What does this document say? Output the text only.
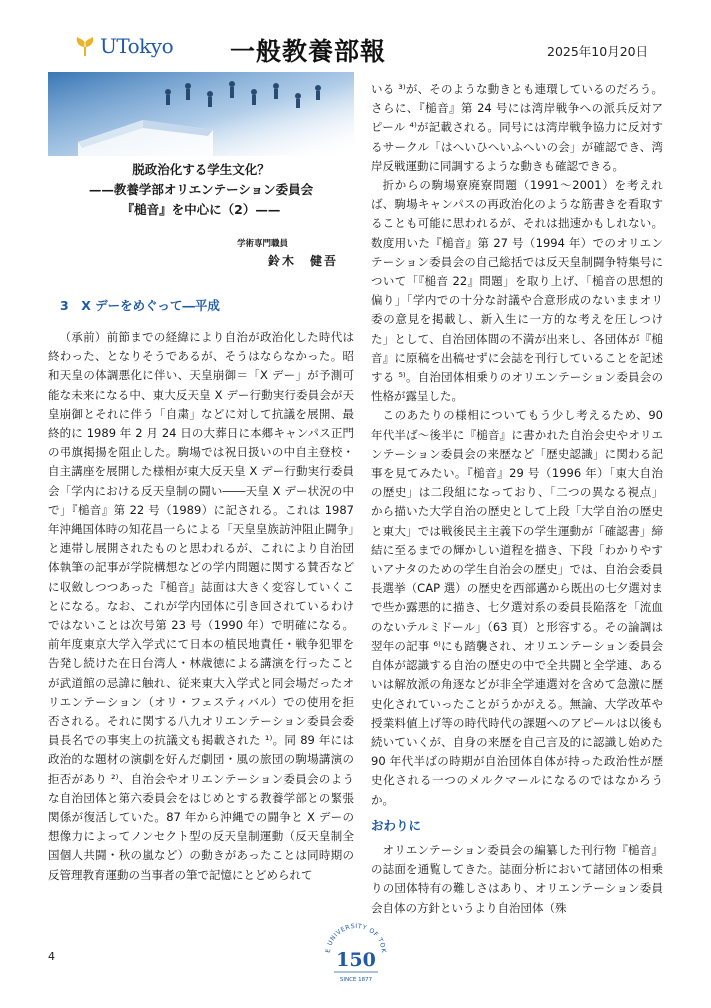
UTokyo 一般教養部報	2025年10月20日
脱政治化する学生文化？
——教養学部オリエンテーション委員会
『槌音』を中心に（2）——
学術専門職員
鈴木　健吾
3　X デーをめぐって―平成

（承前）前節までの経緯により自治が政治化した時代は終わった、となりそうであるが、そうはならなかった。昭和天皇の体調悪化に伴い、天皇崩御＝「X デー」が予測可能な未来になる中、東大反天皇 X デー行動実行委員会が天皇崩御とそれに伴う「自粛」などに対して抗議を展開、最終的に 1989 年 2 月 24 日の大葬日に本郷キャンパス正門の弔旗掲揚を阻止した。駒場では祝日扱いの中自主登校・自主講座を展開した様相が東大反天皇 X デー行動実行委員会「学内における反天皇制の闘い――天皇 X デー状況の中で」『槌音』第 22 号（1989）に記される。これは 1987 年沖縄国体時の知花昌一らによる「天皇皇族訪沖阻止闘争」と連帯し展開されたものと思われるが、これにより自治団体執筆の記事が学院構想などの学内問題に関する賛否などに収斂しつつあった『槌音』誌面は大きく変容していくことになる。なお、これが学内団体に引き回されているわけではないことは次号第 23 号（1990 年）で明確になる。前年度東京大学入学式にて日本の植民地責任・戦争犯罪を告発し続けた在日台湾人・林歳徳による講演を行ったことが武道館の忌諱に触れ、従来東大入学式と同会場だったオリエンテーション（オリ・フェスティバル）での使用を拒否される。それに関する八九オリエンテーション委員会委員長名での事実上の抗議文も掲載された ¹⁾。同 89 年には政治的な題材の演劇を好んだ劇団・風の旅団の駒場講演の拒否があり ²⁾、自治会やオリエンテーション委員会のような自治団体と第六委員会をはじめとする教養学部との緊張関係が復活していた。87 年から沖縄での闘争と X デーの想像力によってノンセクト型の反天皇制運動（反天皇制全国個人共闘・秋の嵐など）の動きがあったことは同時期の反管理教育運動の当事者の筆で記憶にとどめられて

いる ³⁾が、そのような動きとも連環しているのだろう。さらに、『槌音』第 24 号には湾岸戦争への派兵反対アピール ⁴⁾が記載される。同号には湾岸戦争協力に反対するサークル「はへいひへいふへいの会」が確認でき、湾岸反戦運動に同調するような動きも確認できる。

折からの駒場寮廃寮問題（1991～2001）を考えれば、駒場キャンパスの再政治化のような筋書きを看取することも可能に思われるが、それは拙速かもしれない。数度用いた『槌音』第 27 号（1994 年）でのオリエンテーション委員会の自己総括では反天皇制闘争特集号について「『槌音 22』問題」を取り上げ、「槌音の思想的偏り」「学内での十分な討議や合意形成のないままオリ委の意見を掲載し、新入生に一方的な考えを圧しつけた」として、自治団体間の不満が出来し、各団体が『槌音』に原稿を出稿せずに会誌を刊行していることを記述する ⁵⁾。自治団体相乗りのオリエンテーション委員会の性格が露呈した。

このあたりの様相についてもう少し考えるため、90 年代半ば～後半に『槌音』に書かれた自治会史やオリエンテーション委員会の来歴など「歴史認識」に関わる記事を見てみたい。『槌音』29 号（1996 年）「東大自治の歴史」は二段組になっており、「二つの異なる視点」から描いた大学自治の歴史として上段「大学自治の歴史と東大」では戦後民主主義下の学生運動が「確認書」締結に至るまでの輝かしい道程を描き、下段「わかりやすいアナタのための学生自治会の歴史」では、自治会委員長選挙（CAP 選）の歴史を西部邁から既出の七夕選対まで些か露悪的に描き、七夕選対系の委員長陥落を「流血のないテルミドール」（63 頁）と形容する。その論調は翌年の記事 ⁶⁾にも踏襲され、オリエンテーション委員会自体が認識する自治の歴史の中で全共闘と全学連、あるいは解放派の角逐などが非全学連選対を含めて急激に歴史化されていったことがうかがえる。無論、大学改革や授業料値上げ等の時代時代の課題へのアピールは以後も続いていくが、自身の来歴を自己言及的に認識し始めた 90 年代半ばの時期が自治団体自体が持った政治性が歴史化される一つのメルクマールになるのではなかろうか。

おわりに

オリエンテーション委員会の編纂した刊行物『槌音』の誌面を通覧してきた。誌面分析において諸団体の相乗りの団体特有の難しさはあり、オリエンテーション委員会自体の方針というより自治団体（殊

4	E UNIVERSITY OF TOK
150
SINCE 1877
